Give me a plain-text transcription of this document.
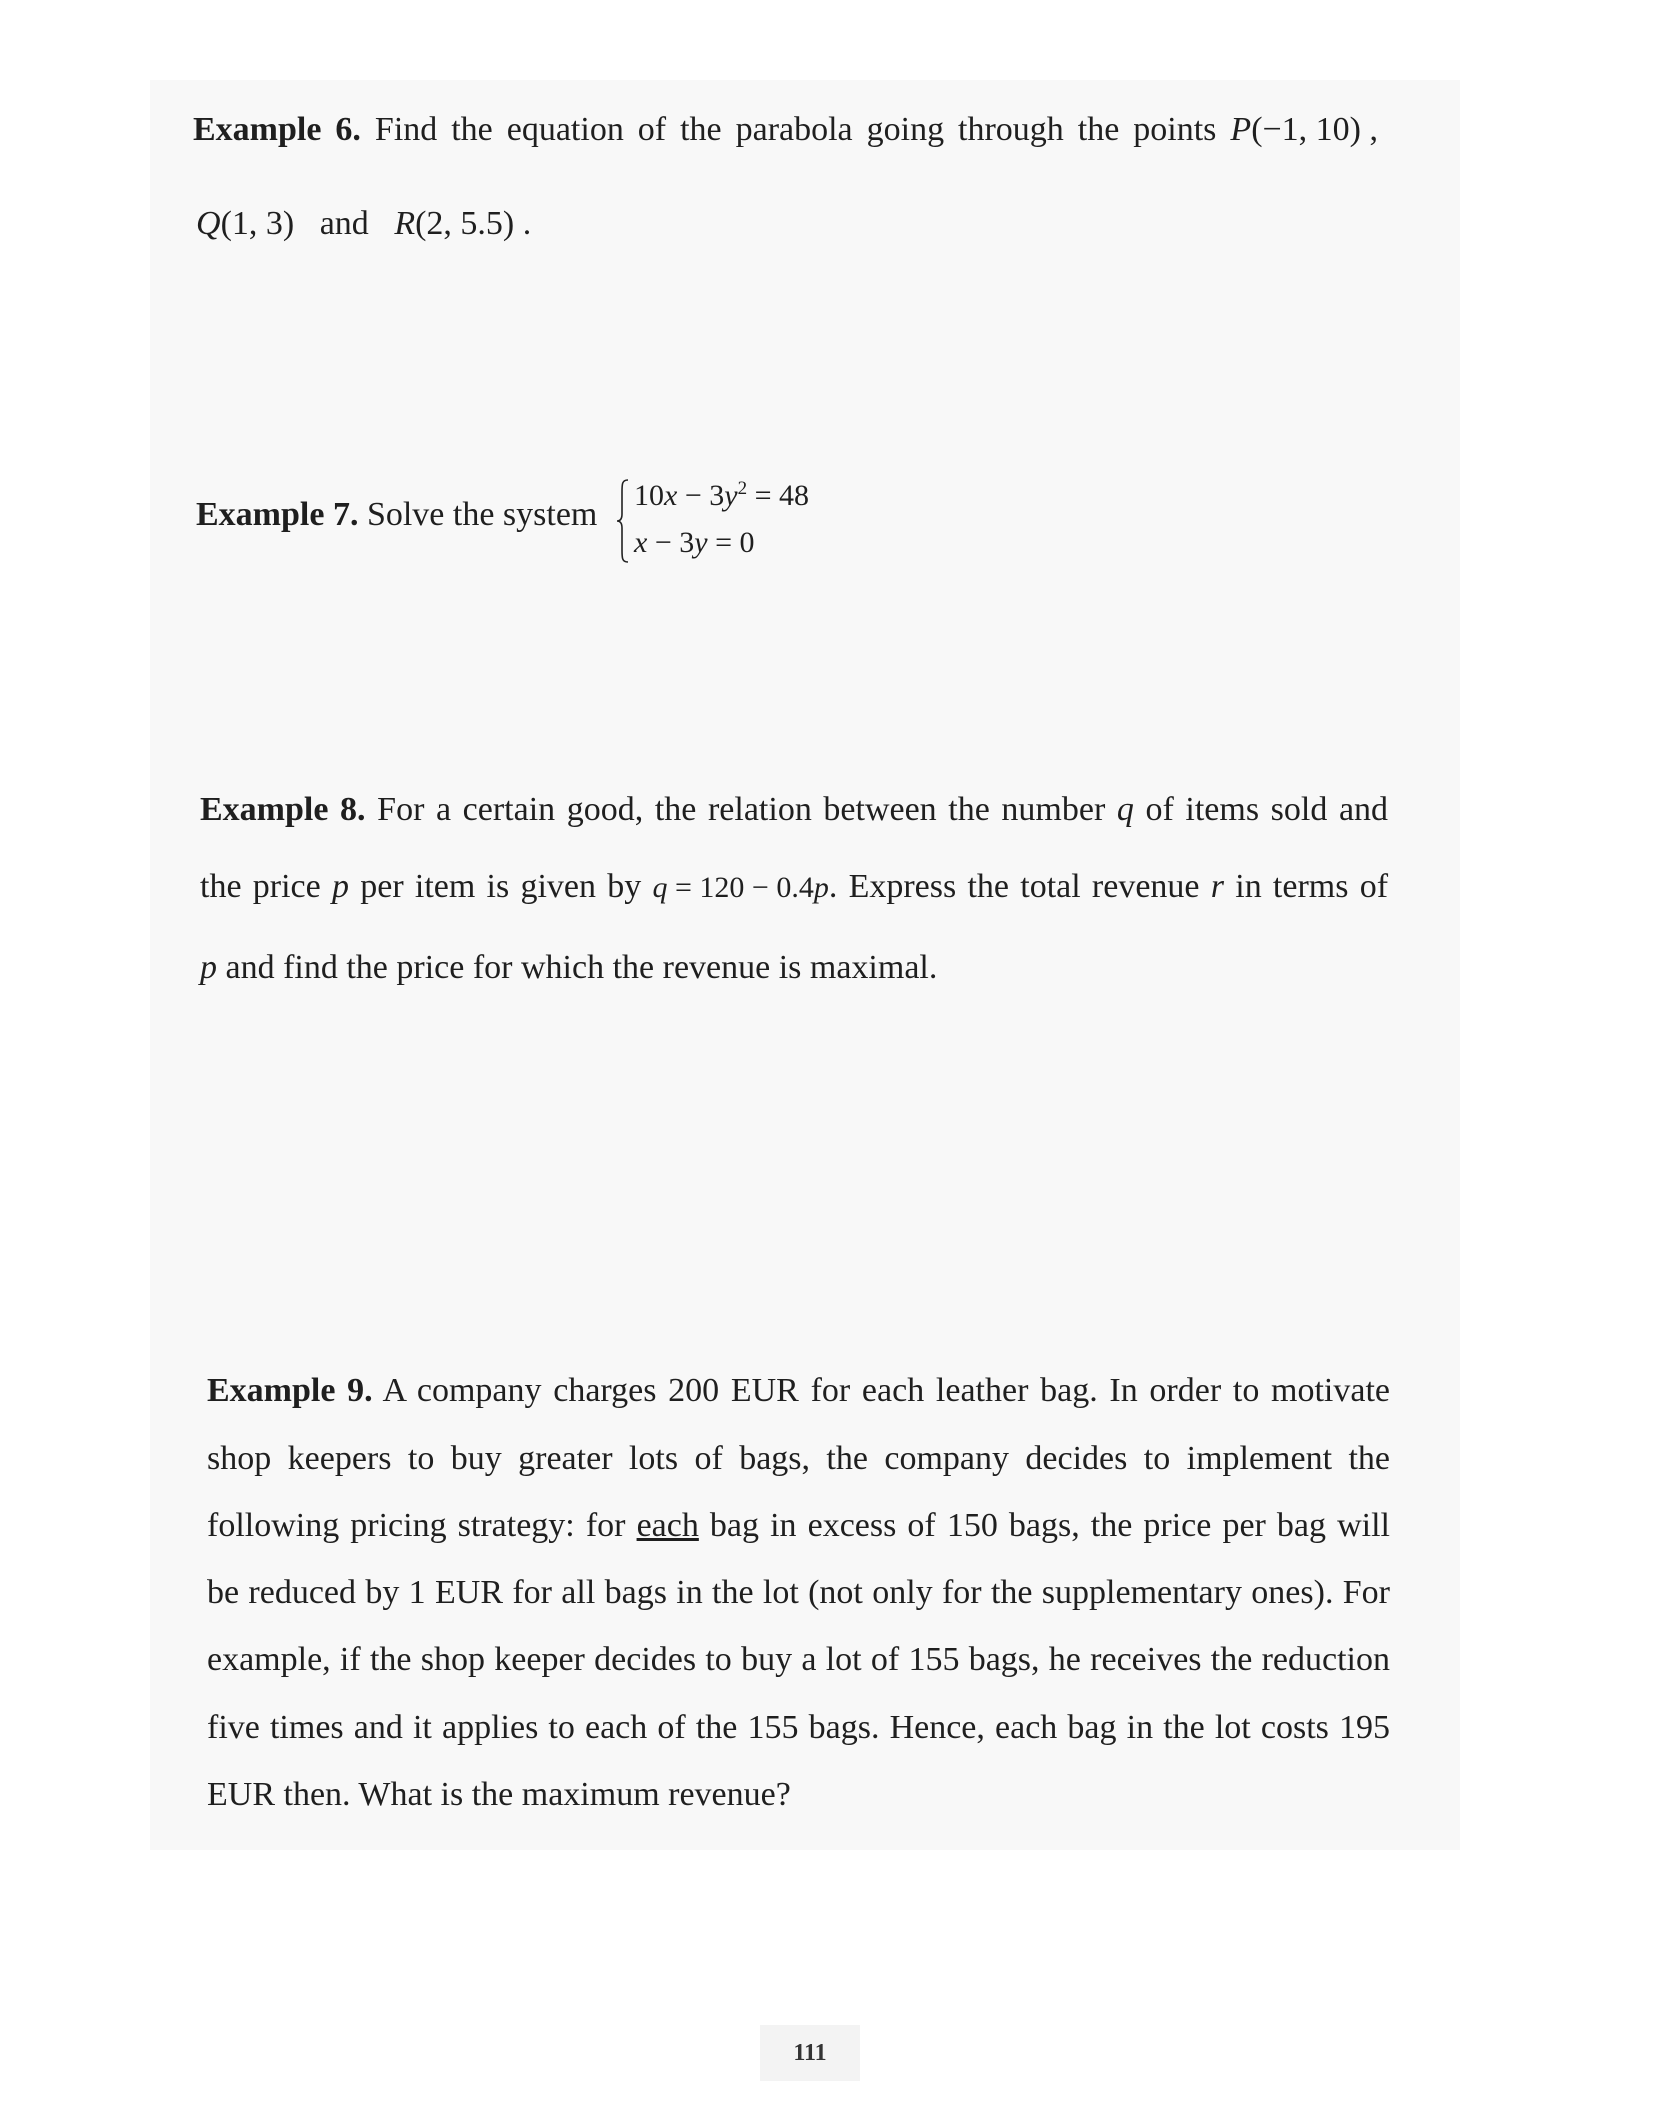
Example 6. Find the equation of the parabola going through the points P(−1, 10) ,
Q(1, 3) and R(2, 5.5) .
Example 7. Solve the system
$10x - 3y^2 = 48$
x − 3y = 0
Example 8. For a certain good, the relation between the number q of items sold and
the price p per item is given by q = 120 − 0.4p. Express the total revenue r in terms of
p and find the price for which the revenue is maximal.
Example 9. A company charges 200 EUR for each leather bag. In order to motivate
shop keepers to buy greater lots of bags, the company decides to implement the
following pricing strategy: for each bag in excess of 150 bags, the price per bag will
be reduced by 1 EUR for all bags in the lot (not only for the supplementary ones). For
example, if the shop keeper decides to buy a lot of 155 bags, he receives the reduction
five times and it applies to each of the 155 bags. Hence, each bag in the lot costs 195
EUR then. What is the maximum revenue?
111
